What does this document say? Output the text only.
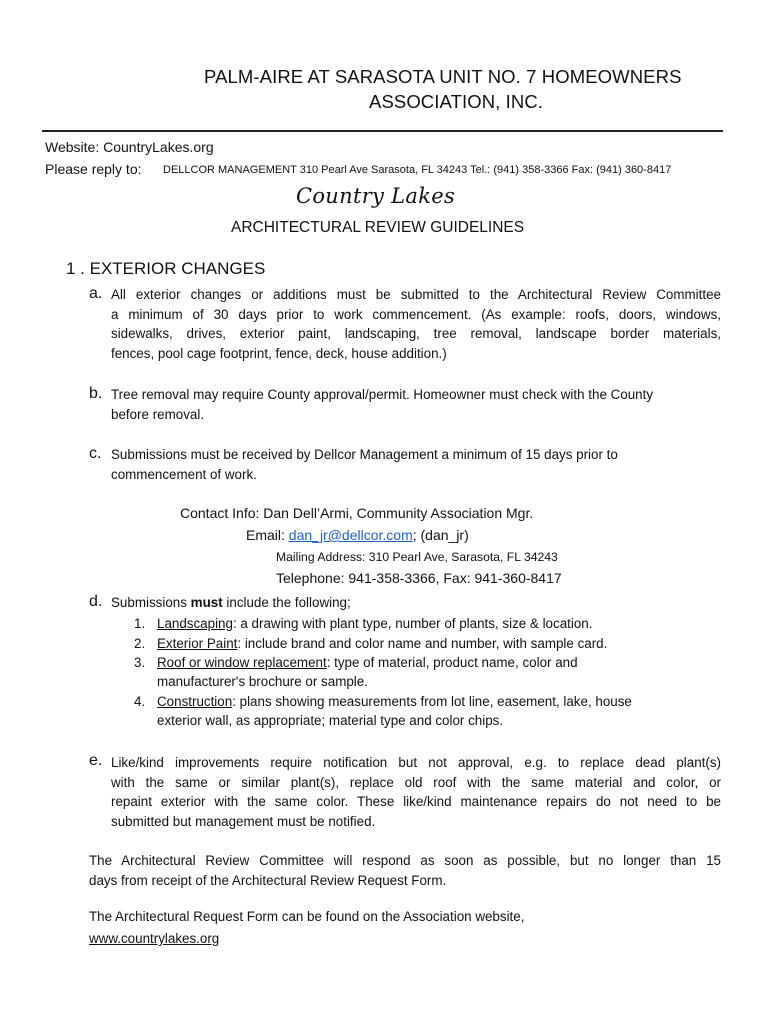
PALM-AIRE AT SARASOTA UNIT NO. 7 HOMEOWNERS
ASSOCIATION, INC.
Website: CountryLakes.org
Please reply to: DELLCOR MANAGEMENT 310 Pearl Ave Sarasota, FL 34243 Tel.: (941) 358-3366 Fax: (941) 360-8417
Country Lakes
ARCHITECTURAL REVIEW GUIDELINES
1 . EXTERIOR CHANGES
a. All exterior changes or additions must be submitted to the Architectural Review Committee
a minimum of 30 days prior to work commencement. (As example: roofs, doors, windows,
sidewalks, drives, exterior paint, landscaping, tree removal, landscape border materials,
fences, pool cage footprint, fence, deck, house addition.)
b. Tree removal may require County approval/permit. Homeowner must check with the County
before removal.
c. Submissions must be received by Dellcor Management a minimum of 15 days prior to
commencement of work.
Contact Info: Dan Dell’Armi, Community Association Mgr.
Email: dan_jr@dellcor.com; (dan_jr)
Mailing Address: 310 Pearl Ave, Sarasota, FL 34243
Telephone: 941-358-3366, Fax: 941-360-8417
d. Submissions must include the following;
1. Landscaping: a drawing with plant type, number of plants, size & location.
2. Exterior Paint: include brand and color name and number, with sample card.
3. Roof or window replacement: type of material, product name, color and
manufacturer's brochure or sample.
4. Construction: plans showing measurements from lot line, easement, lake, house
exterior wall, as appropriate; material type and color chips.
e. Like/kind improvements require notification but not approval, e.g. to replace dead plant(s)
with the same or similar plant(s), replace old roof with the same material and color, or
repaint exterior with the same color. These like/kind maintenance repairs do not need to be
submitted but management must be notified.
The Architectural Review Committee will respond as soon as possible, but no longer than 15
days from receipt of the Architectural Review Request Form.
The Architectural Request Form can be found on the Association website,
www.countrylakes.org
